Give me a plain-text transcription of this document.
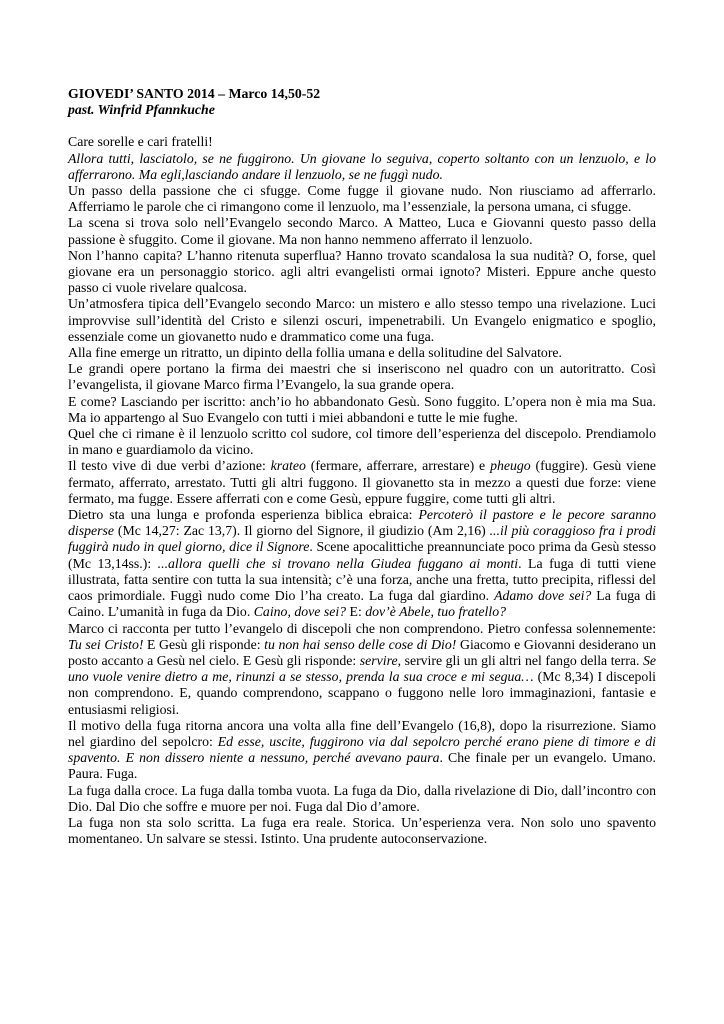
GIOVEDI’ SANTO 2014 – Marco 14,50-52
past. Winfrid Pfannkuche
Care sorelle e cari fratelli!

Allora tutti, lasciatolo, se ne fuggirono. Un giovane lo seguiva, coperto soltanto con un lenzuolo, e lo afferrarono. Ma egli,lasciando andare il lenzuolo, se ne fuggì nudo.

Un passo della passione che ci sfugge. Come fugge il giovane nudo. Non riusciamo ad afferrarlo. Afferriamo le parole che ci rimangono come il lenzuolo, ma l’essenziale, la persona umana, ci sfugge.

La scena si trova solo nell’Evangelo secondo Marco. A Matteo, Luca e Giovanni questo passo della passione è sfuggito. Come il giovane. Ma non hanno nemmeno afferrato il lenzuolo.

Non l’hanno capita? L’hanno ritenuta superflua? Hanno trovato scandalosa la sua nudità? O, forse, quel giovane era un personaggio storico. agli altri evangelisti ormai ignoto? Misteri. Eppure anche questo passo ci vuole rivelare qualcosa.

Un’atmosfera tipica dell’Evangelo secondo Marco: un mistero e allo stesso tempo una rivelazione. Luci improvvise sull’identità del Cristo e silenzi oscuri, impenetrabili. Un Evangelo enigmatico e spoglio, essenziale come un giovanetto nudo e drammatico come una fuga.

Alla fine emerge un ritratto, un dipinto della follia umana e della solitudine del Salvatore.

Le grandi opere portano la firma dei maestri che si inseriscono nel quadro con un autoritratto. Così l’evangelista, il giovane Marco firma l’Evangelo, la sua grande opera.

E come? Lasciando per iscritto: anch’io ho abbandonato Gesù. Sono fuggito. L’opera non è mia ma Sua. Ma io appartengo al Suo Evangelo con tutti i miei abbandoni e tutte le mie fughe.

Quel che ci rimane è il lenzuolo scritto col sudore, col timore dell’esperienza del discepolo. Prendiamolo in mano e guardiamolo da vicino.

Il testo vive di due verbi d’azione: krateo (fermare, afferrare, arrestare) e pheugo (fuggire). Gesù viene fermato, afferrato, arrestato. Tutti gli altri fuggono. Il giovanetto sta in mezzo a questi due forze: viene fermato, ma fugge. Essere afferrati con e come Gesù, eppure fuggire, come tutti gli altri.

Dietro sta una lunga e profonda esperienza biblica ebraica: Percoterò il pastore e le pecore saranno disperse (Mc 14,27: Zac 13,7). Il giorno del Signore, il giudizio (Am 2,16) ...il più coraggioso fra i prodi fuggirà nudo in quel giorno, dice il Signore. Scene apocalittiche preannunciate poco prima da Gesù stesso (Mc 13,14ss.): ...allora quelli che si trovano nella Giudea fuggano ai monti. La fuga di tutti viene illustrata, fatta sentire con tutta la sua intensità; c’è una forza, anche una fretta, tutto precipita, riflessi del caos primordiale. Fuggì nudo come Dio l’ha creato. La fuga dal giardino. Adamo dove sei? La fuga di Caino. L’umanità in fuga da Dio. Caino, dove sei? E: dov’è Abele, tuo fratello?

Marco ci racconta per tutto l’evangelo di discepoli che non comprendono. Pietro confessa solennemente: Tu sei Cristo! E Gesù gli risponde: tu non hai senso delle cose di Dio! Giacomo e Giovanni desiderano un posto accanto a Gesù nel cielo. E Gesù gli risponde: servire, servire gli un gli altri nel fango della terra. Se uno vuole venire dietro a me, rinunzi a se stesso, prenda la sua croce e mi segua… (Mc 8,34) I discepoli non comprendono. E, quando comprendono, scappano o fuggono nelle loro immaginazioni, fantasie e entusiasmi religiosi.

Il motivo della fuga ritorna ancora una volta alla fine dell’Evangelo (16,8), dopo la risurrezione. Siamo nel giardino del sepolcro: Ed esse, uscite, fuggirono via dal sepolcro perché erano piene di timore e di spavento. E non dissero niente a nessuno, perché avevano paura. Che finale per un evangelo. Umano. Paura. Fuga.

La fuga dalla croce. La fuga dalla tomba vuota. La fuga da Dio, dalla rivelazione di Dio, dall’incontro con Dio. Dal Dio che soffre e muore per noi. Fuga dal Dio d’amore.

La fuga non sta solo scritta. La fuga era reale. Storica. Un’esperienza vera. Non solo uno spavento momentaneo. Un salvare se stessi. Istinto. Una prudente autoconservazione.
